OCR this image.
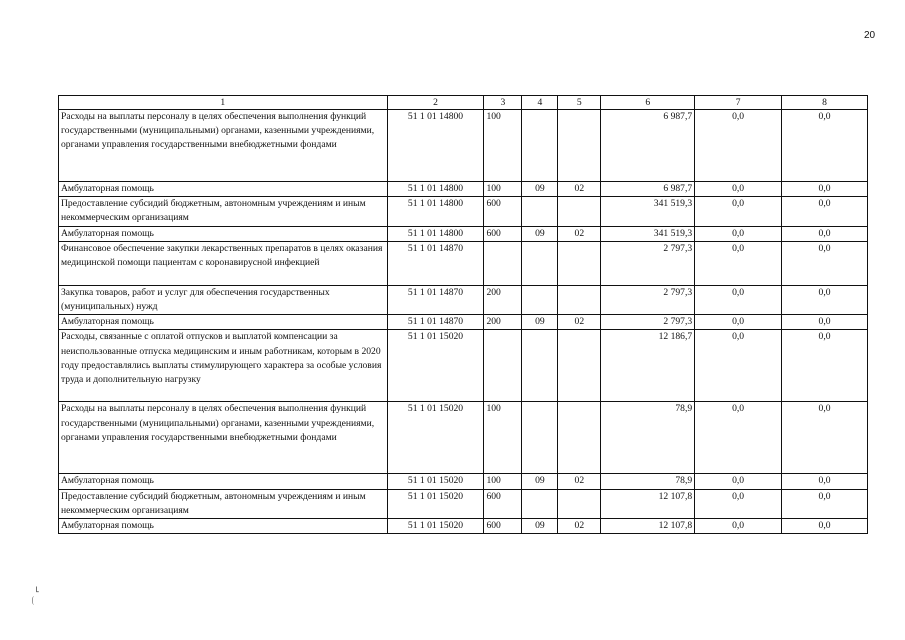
20
1	2	3	4	5	6	7	8
Расходы на выплаты персоналу в целях обеспечения выполнения функций государственными (муниципальными) органами, казенными учреждениями, органами управления государственными внебюджетными фондами	51 1 01 14800	100			6 987,7	0,0	0,0
Амбулаторная помощь	51 1 01 14800	100	09	02	6 987,7	0,0	0,0
Предоставление субсидий бюджетным, автономным учреждениям и иным некоммерческим организациям	51 1 01 14800	600			341 519,3	0,0	0,0
Амбулаторная помощь	51 1 01 14800	600	09	02	341 519,3	0,0	0,0
Финансовое обеспечение закупки лекарственных препаратов в целях оказания медицинской помощи пациентам с коронавирусной инфекцией	51 1 01 14870				2 797,3	0,0	0,0
Закупка товаров, работ и услуг для обеспечения государственных (муниципальных) нужд	51 1 01 14870	200			2 797,3	0,0	0,0
Амбулаторная помощь	51 1 01 14870	200	09	02	2 797,3	0,0	0,0
Расходы, связанные с оплатой отпусков и выплатой компенсации за неиспользованные отпуска медицинским и иным работникам, которым в 2020 году предоставлялись выплаты стимулирующего характера за особые условия труда и дополнительную нагрузку	51 1 01 15020				12 186,7	0,0	0,0
Расходы на выплаты персоналу в целях обеспечения выполнения функций государственными (муниципальными) органами, казенными учреждениями, органами управления государственными внебюджетными фондами	51 1 01 15020	100			78,9	0,0	0,0
Амбулаторная помощь	51 1 01 15020	100	09	02	78,9	0,0	0,0
Предоставление субсидий бюджетным, автономным учреждениям и иным некоммерческим организациям	51 1 01 15020	600			12 107,8	0,0	0,0
Амбулаторная помощь	51 1 01 15020	600	09	02	12 107,8	0,0	0,0
⌒ ⌐
